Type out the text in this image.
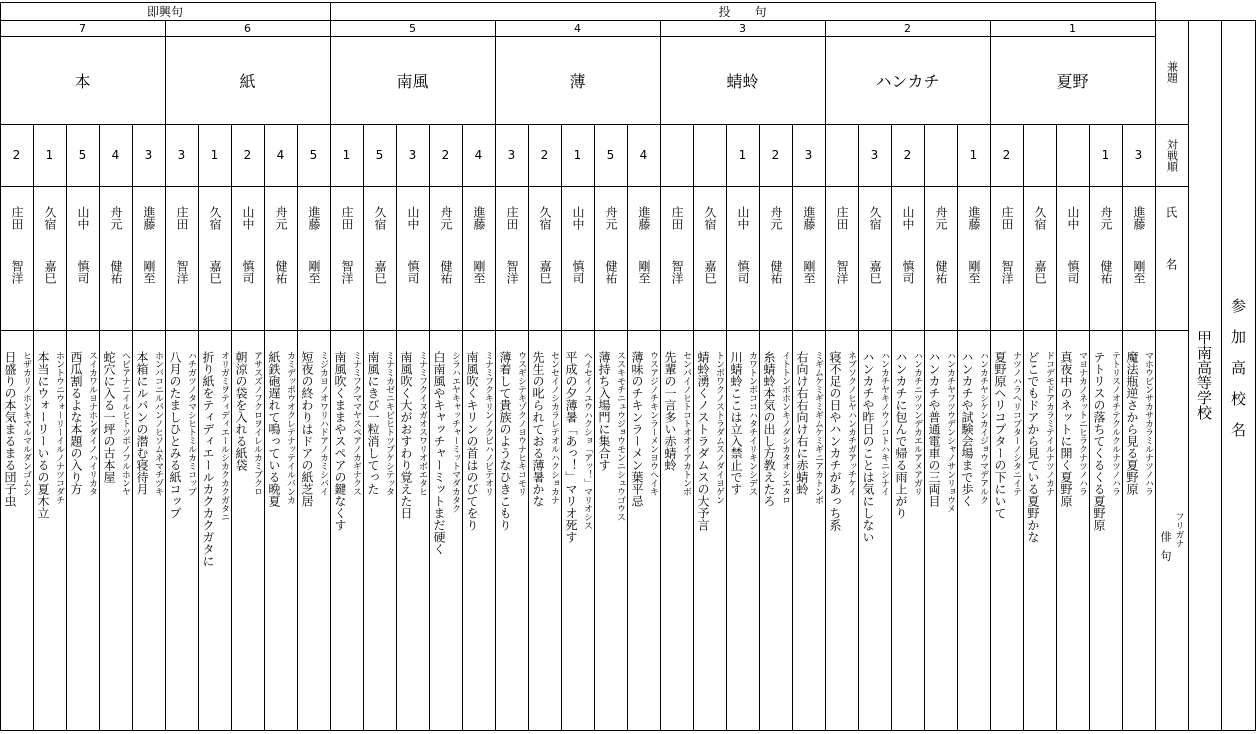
即興句	投　　句
7
本
2
庄田
智洋
ヒザカリノホンキマルマルダンゴムシ
日盛りの本気まるまる団子虫
1
久宿
嘉巳
ホントウニウォーリーイルノナツコダチ
本当にウォーリーいるの夏木立
5
山中
慎司
スイカワルヨナホンダイノハイリカタ
西瓜割るよな本題の入り方
4
舟元
健祐
ヘビアナニイルヒトツボノフルホンヤ
蛇穴に入る一坪の古本屋
3
進藤
剛至
ホンバコニルパンノヒソムネマチヅキ
本箱にルパンの潜む寝待月
6
紙
3
庄田
智洋
ハチガツノタマシヒトミルカミコップ
八月のたましひとみる紙コップ
1
久宿
嘉巳
オリガミヲティディエールシカクカクガタニ
折り紙をティディエールカクカクガタに
2
山中
慎司
アサスズノフクロヲイレルカミブクロ
朝涼の袋を入れる紙袋
4
舟元
健祐
カミデッポウオクレテナッテイルバンカ
紙鉄砲遅れて鳴っている晩夏
5
進藤
剛至
ミジカヨノオワリハドアノカミシバイ
短夜の終わりはドアの紙芝居
5
南風
1
庄田
智洋
ミナミフクママヤスペアノカギナクス
南風吹くままやスペアの鍵なくす
5
久宿
嘉巳
ミナミカゼニキビヒトツブケシテッタ
南風にきび一粒消してった
3
山中
慎司
ミナミフクイヌガオスワリオボエタヒ
南風吹く大がおすわり覚えた日
2
舟元
健祐
シラハエヤキャッチャーミットマダカタク
白南風やキャッチャーミットまだ硬く
4
進藤
剛至
ミナミフクキリンノクビハノビテオリ
南風吹くキリンの首はのびてをり
4
薄
3
庄田
智洋
ウスギシテキゾクノヨウナヒキコモリ
薄着して貴族のようなひきこもり
2
久宿
嘉巳
センセイノシカラレテオルハクショカナ
先生の叱られておる薄暑かな
1
山中
慎司
ヘイセイノユウハクショ「アッ！」マリオシス
平成の夕薄暑「あっ！」マリオ死す
5
舟元
健祐
ススキモチニュウジョウモンニシュウゴウス
薄持ち入場門に集合す
4
進藤
剛至
ウスアジノチキンラーメンヨウヘイキ
薄味のチキンラーメン葉平忌
3
蜻蛉
庄田
智洋
センパイノヒトコトオオイアカトンボ
先輩の一言多い赤蜻蛉
久宿
嘉巳
トンボワクノストラダムスノダイヨゲン
蜻蛉湧くノストラダムスの大予言
1
山中
慎司
カワトンボココハタチイリキンシデス
川蜻蛉ここは立入禁止です
2
舟元
健祐
イトトンボホンキノダシカタオシエタロ
糸蜻蛉本気の出し方教えたろ
3
進藤
剛至
ミギムケミギミギムケミギニアカトンボ
右向け右右向け右に赤蜻蛉
2
ハンカチ
庄田
智洋
ネブソクノヒヤハンカチガアッチケイ
寝不足の日やハンカチがあっち系
3
久宿
嘉巳
ハンカチヤキノウノコトハキニシナイ
ハンカチや昨日のことは気にしない
2
山中
慎司
ハンカチニツツンデカエルアメアガリ
ハンカチに包んで帰る雨上がり
舟元
健祐
ハンカチヤフツウデンシャノサンリョウメ
ハンカチや普通電車の三両目
1
進藤
剛至
ハンカチヤシケンカイジョウマデアルク
ハンカチや試験会場まで歩く
1
夏野
2
庄田
智洋
ナツノハラヘリコプターノシタニイテ
夏野原ヘリコプターの下にいて
久宿
嘉巳
ドコデモドアカラミテイルナツノカナ
どこでもドアから見ている夏野かな
山中
慎司
マヨナカノネットニヒラクナツノハラ
真夜中のネットに開く夏野原
1
舟元
健祐
テトリスノオチテクルクルナツノハラ
テトリスの落ちてくるくる夏野原
3
進藤
剛至
マホウビンサカサカラミルナツノハラ
魔法瓶逆さから見る夏野原
兼題
対戦順
氏名
俳句
フリガナ
甲南高等学校	参加高校名
